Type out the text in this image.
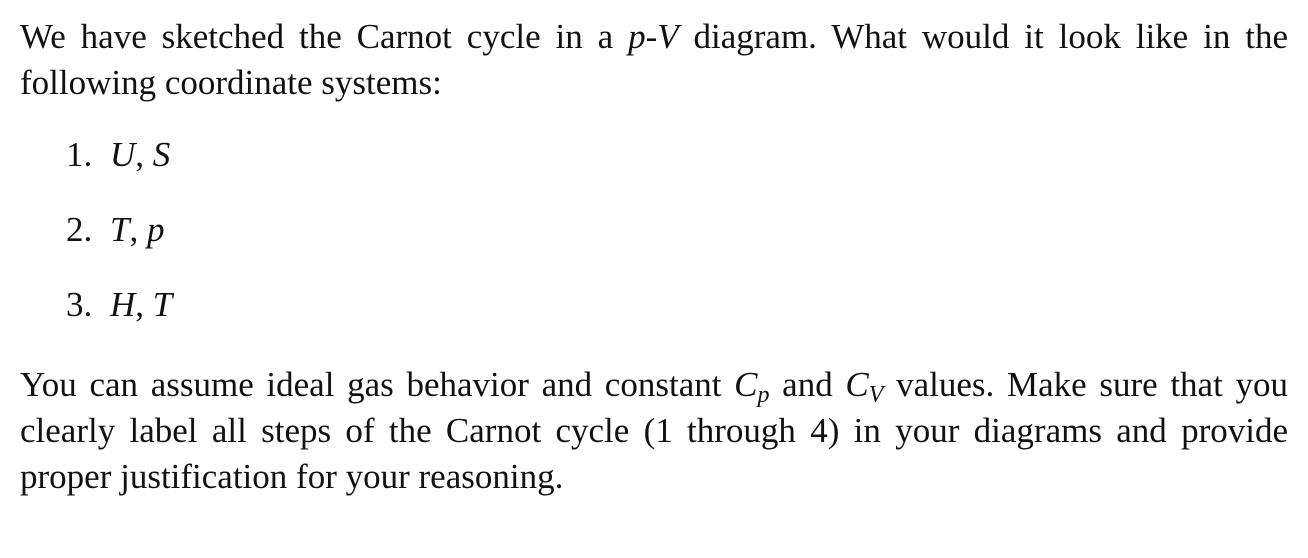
We have sketched the Carnot cycle in a p-V diagram. What would it look like in the following coordinate systems:

1. U, S
2. T, p
3. H, T

You can assume ideal gas behavior and constant $C_p$ and $C_V$ values. Make sure that you clearly label all steps of the Carnot cycle (1 through 4) in your diagrams and provide proper justification for your reasoning.
